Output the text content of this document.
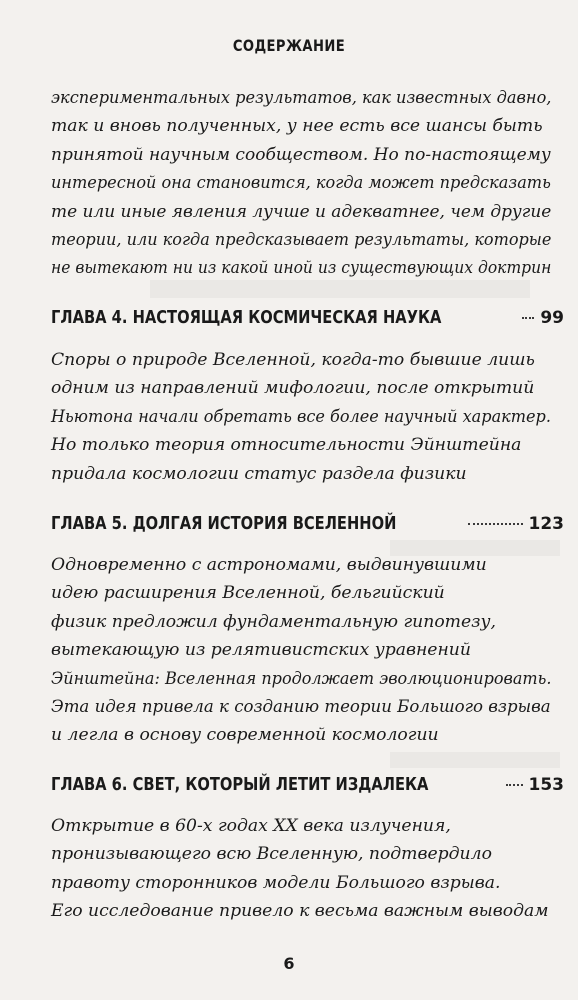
СОДЕРЖАНИЕ
экспериментальных результатов, как известных давно,
так и вновь полученных, у нее есть все шансы быть
принятой научным сообществом. Но по-настоящему
интересной она становится, когда может предсказать
те или иные явления лучше и адекватнее, чем другие
теории, или когда предсказывает результаты, которые
не вытекают ни из какой иной из существующих доктрин
ГЛАВА 4. НАСТОЯЩАЯ КОСМИЧЕСКАЯ НАУКА	99
Споры о природе Вселенной, когда-то бывшие лишь
одним из направлений мифологии, после открытий
Ньютона начали обретать все более научный характер.
Но только теория относительности Эйнштейна
придала космологии статус раздела физики
ГЛАВА 5. ДОЛГАЯ ИСТОРИЯ ВСЕЛЕННОЙ	123
Одновременно с астрономами, выдвинувшими
идею расширения Вселенной, бельгийский
физик предложил фундаментальную гипотезу,
вытекающую из релятивистских уравнений
Эйнштейна: Вселенная продолжает эволюционировать.
Эта идея привела к созданию теории Большого взрыва
и легла в основу современной космологии
ГЛАВА 6. СВЕТ, КОТОРЫЙ ЛЕТИТ ИЗДАЛЕКА	153
Открытие в 60-х годах XX века излучения,
пронизывающего всю Вселенную, подтвердило
правоту сторонников модели Большого взрыва.
Его исследование привело к весьма важным выводам
6
